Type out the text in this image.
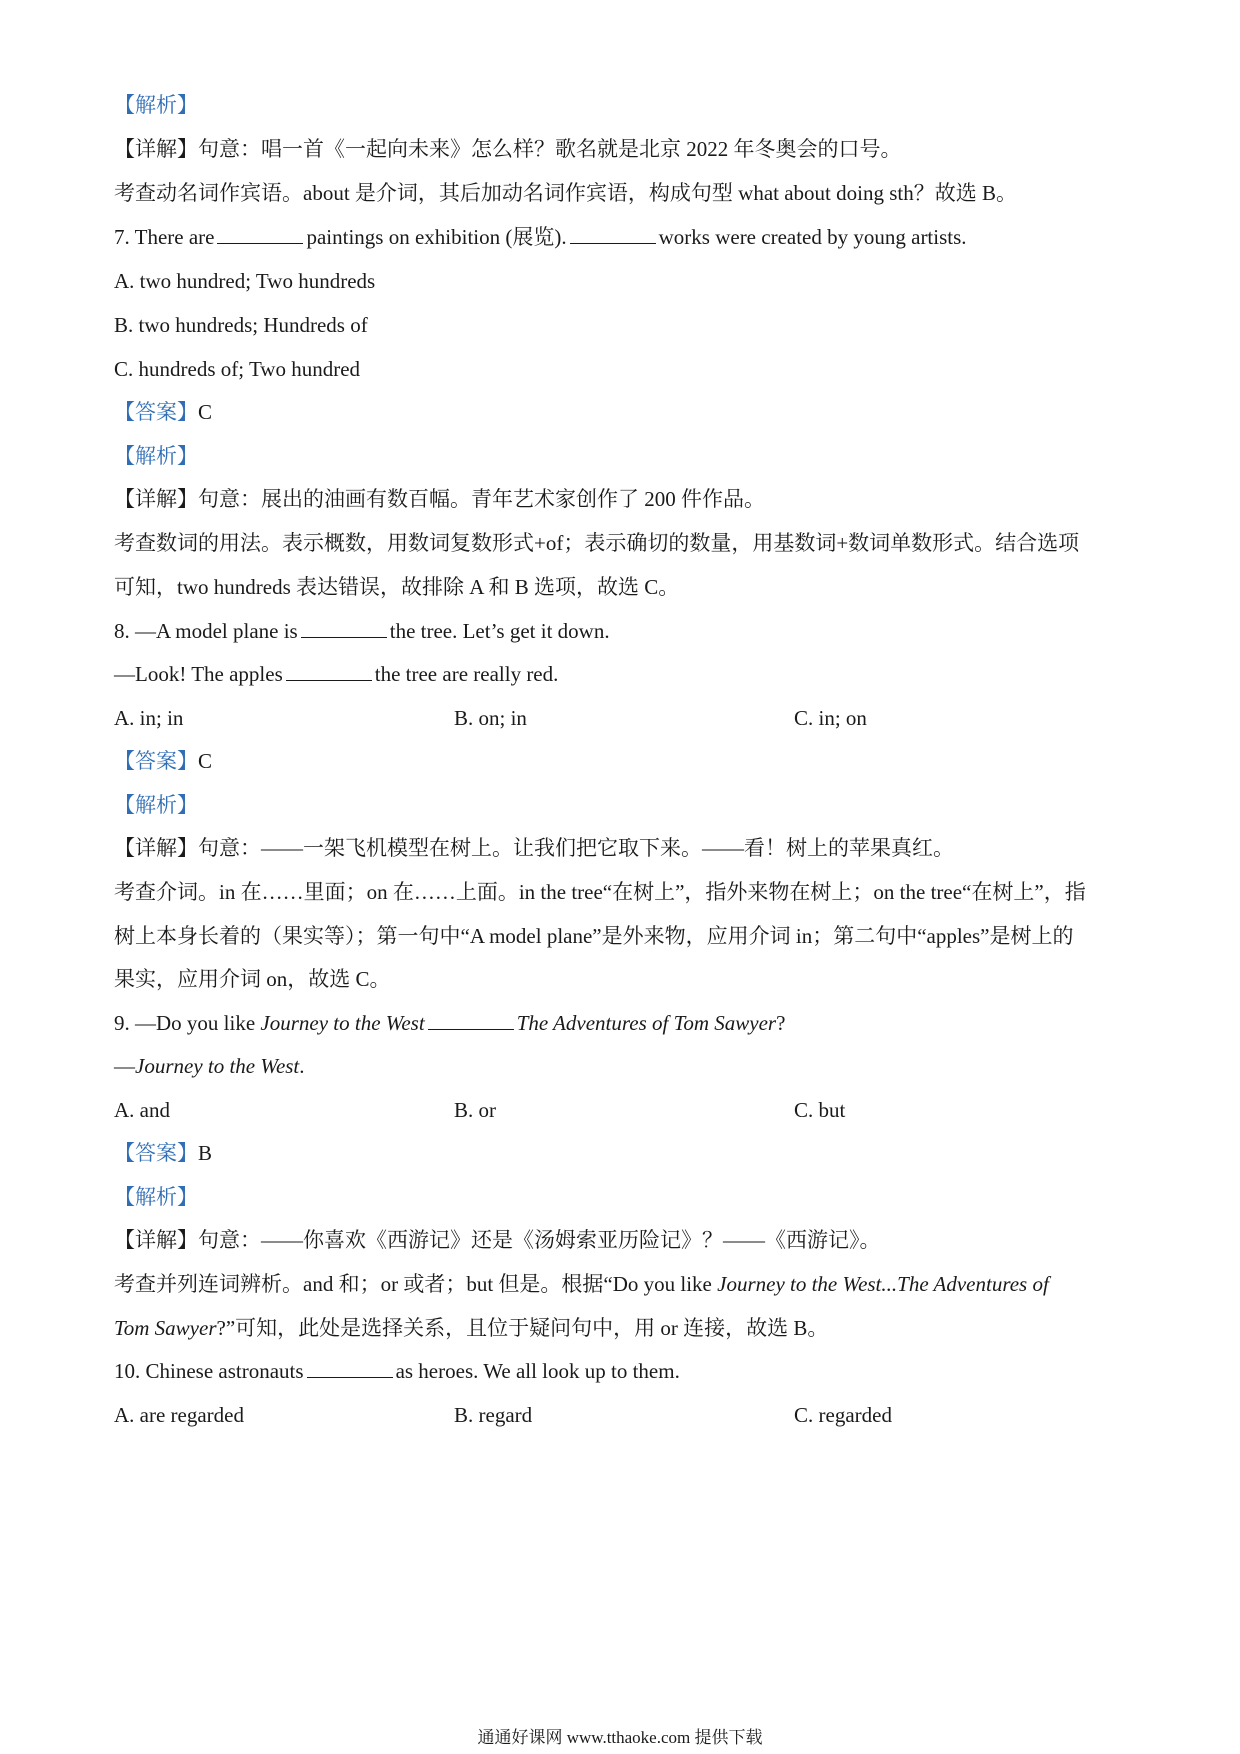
【解析】
【详解】句意：唱一首《一起向未来》怎么样？歌名就是北京 2022 年冬奥会的口号。
考查动名词作宾语。about 是介词，其后加动名词作宾语，构成句型 what about doing sth？故选 B。
7. There are	paintings on exhibition (展览).	works were created by young artists.
A. two hundred; Two hundreds
B. two hundreds; Hundreds of
C. hundreds of; Two hundred
【答案】C
【解析】
【详解】句意：展出的油画有数百幅。青年艺术家创作了 200 件作品。
考查数词的用法。表示概数，用数词复数形式+of；表示确切的数量，用基数词+数词单数形式。结合选项
可知，two hundreds 表达错误，故排除 A 和 B 选项，故选 C。
8. —A model plane is	the tree. Let’s get it down.
—Look! The apples	the tree are really red.
A. in; in	B. on; in	C. in; on
【答案】C
【解析】
【详解】句意：——一架飞机模型在树上。让我们把它取下来。——看！树上的苹果真红。
考查介词。in 在……里面；on 在……上面。in the tree“在树上”，指外来物在树上；on the tree“在树上”，指
树上本身长着的（果实等）；第一句中“A model plane”是外来物，应用介词 in；第二句中“apples”是树上的
果实，应用介词 on，故选 C。
9. —Do you like Journey to the West	The Adventures of Tom Sawyer?
—Journey to the West.
A. and	B. or	C. but
【答案】B
【解析】
【详解】句意：——你喜欢《西游记》还是《汤姆索亚历险记》？——《西游记》。
考查并列连词辨析。and 和；or 或者；but 但是。根据“Do you like Journey to the West...The Adventures of
Tom Sawyer?”可知，此处是选择关系，且位于疑问句中，用 or 连接，故选 B。
10. Chinese astronauts	as heroes. We all look up to them.
A. are regarded	B. regard	C. regarded
通通好课网 www.tthaoke.com 提供下载
